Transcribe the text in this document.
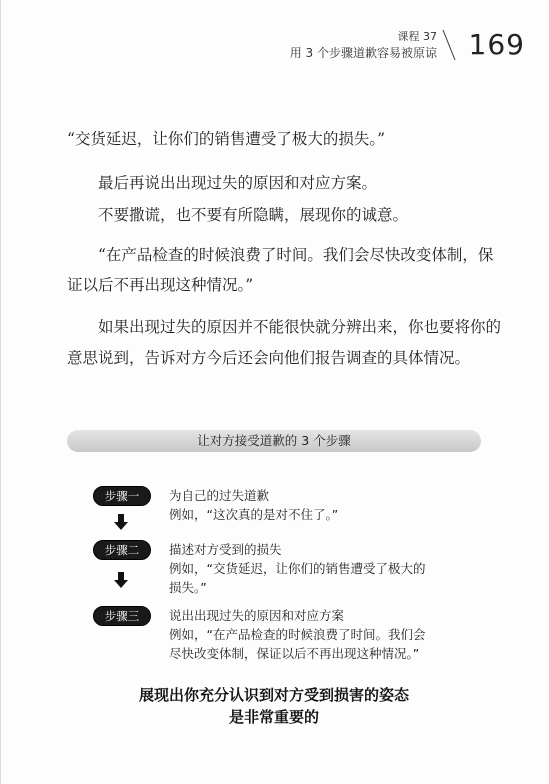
课程 37
用 3 个步骤道歉容易被原谅 169
“交货延迟，让你们的销售遭受了极大的损失。”
最后再说出出现过失的原因和对应方案。
不要撒谎，也不要有所隐瞒，展现你的诚意。
“在产品检查的时候浪费了时间。我们会尽快改变体制，保证以后不再出现这种情况。”
如果出现过失的原因并不能很快就分辨出来，你也要将你的意思说到，告诉对方今后还会向他们报告调查的具体情况。
让对方接受道歉的 3 个步骤
步骤一	为自己的过失道歉
例如，“这次真的是对不住了。”
步骤二	描述对方受到的损失
例如，“交货延迟，让你们的销售遭受了极大的损失。”
步骤三	说出出现过失的原因和对应方案
例如，“在产品检查的时候浪费了时间。我们会尽快改变体制，保证以后不再出现这种情况。”
展现出你充分认识到对方受到损害的姿态
是非常重要的
